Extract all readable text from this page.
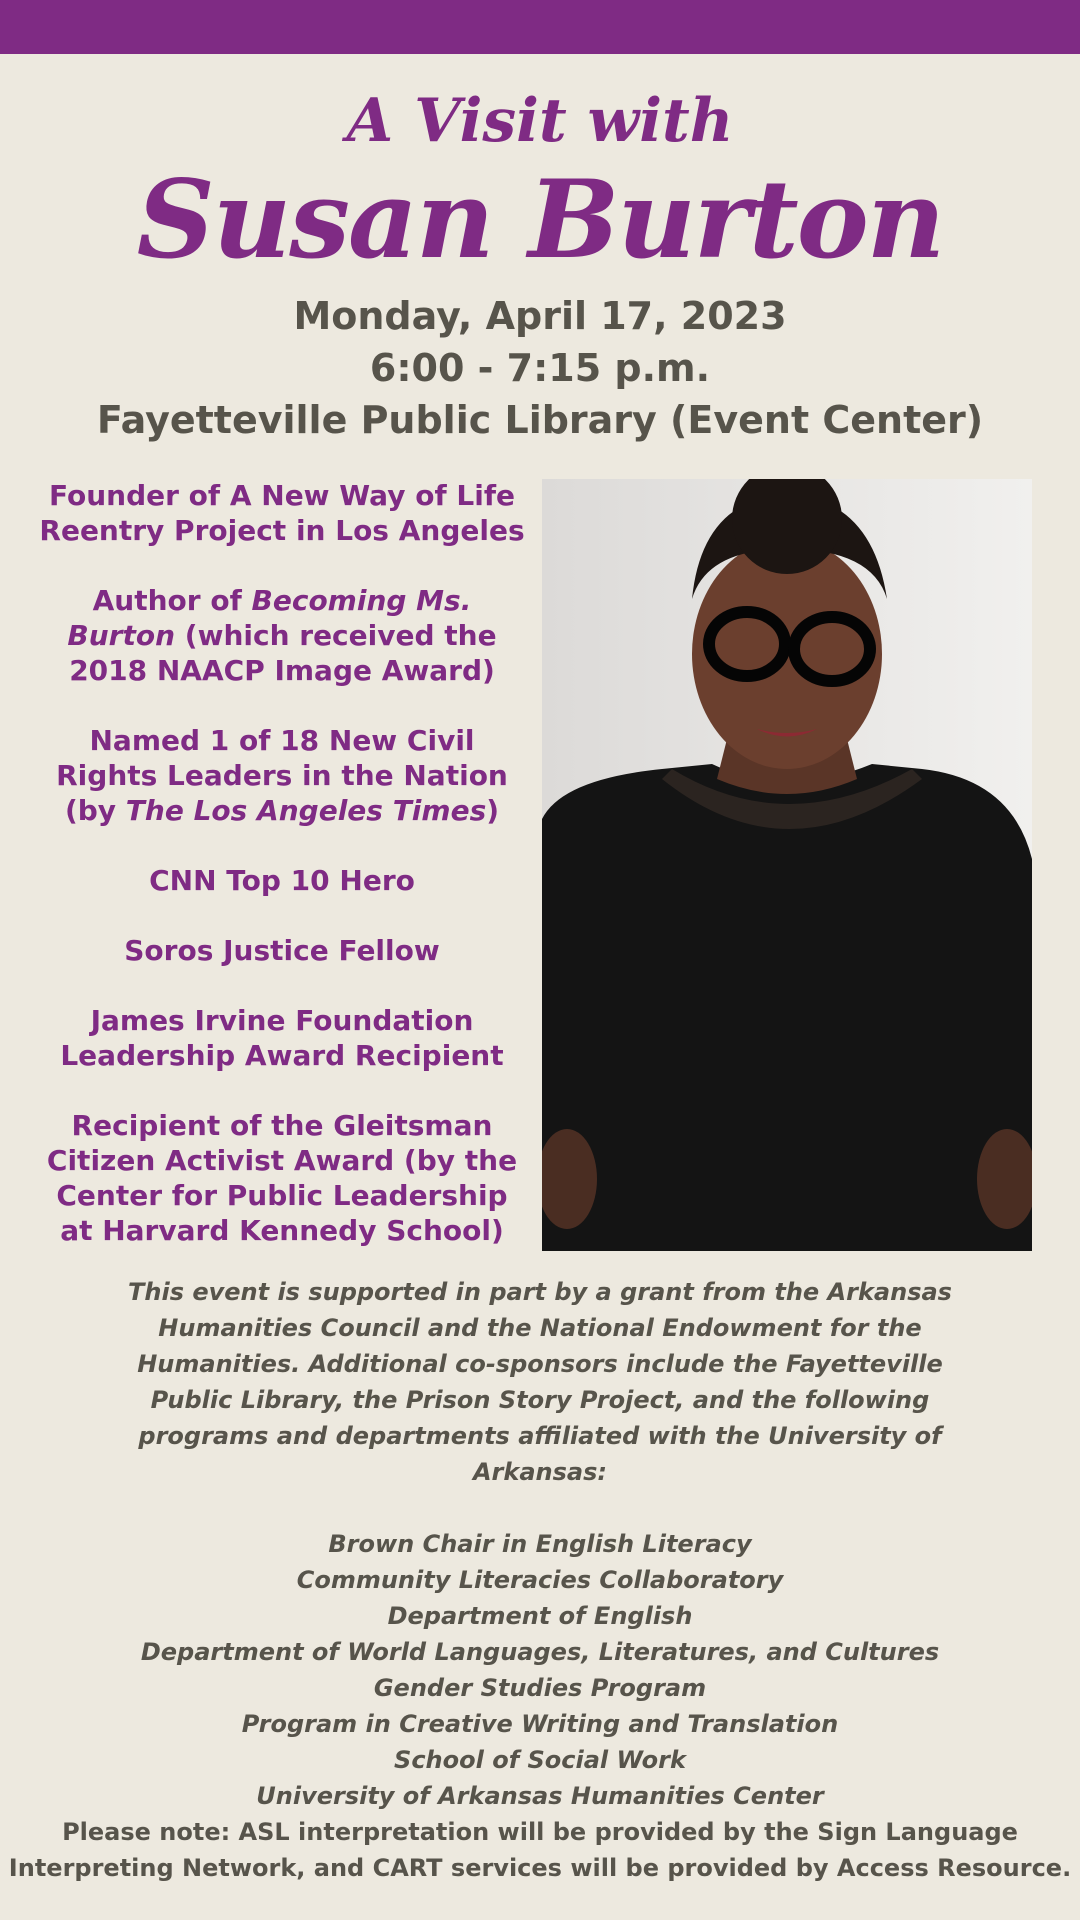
A Visit with

Susan Burton

Monday, April 17, 2023

6:00 - 7:15 p.m.

Fayetteville Public Library (Event Center)

Founder of A New Way of Life Reentry Project in Los Angeles

Author of Becoming Ms. Burton (which received the 2018 NAACP Image Award)

Named 1 of 18 New Civil Rights Leaders in the Nation (by The Los Angeles Times)

CNN Top 10 Hero

Soros Justice Fellow

James Irvine Foundation Leadership Award Recipient

Recipient of the Gleitsman Citizen Activist Award (by the Center for Public Leadership at Harvard Kennedy School)

This event is supported in part by a grant from the Arkansas Humanities Council and the National Endowment for the Humanities. Additional co-sponsors include the Fayetteville Public Library, the Prison Story Project, and the following programs and departments affiliated with the University of Arkansas:

Brown Chair in English Literacy

Community Literacies Collaboratory

Department of English

Department of World Languages, Literatures, and Cultures

Gender Studies Program

Program in Creative Writing and Translation

School of Social Work

University of Arkansas Humanities Center

Please note: ASL interpretation will be provided by the Sign Language

Interpreting Network, and CART services will be provided by Access Resource.
